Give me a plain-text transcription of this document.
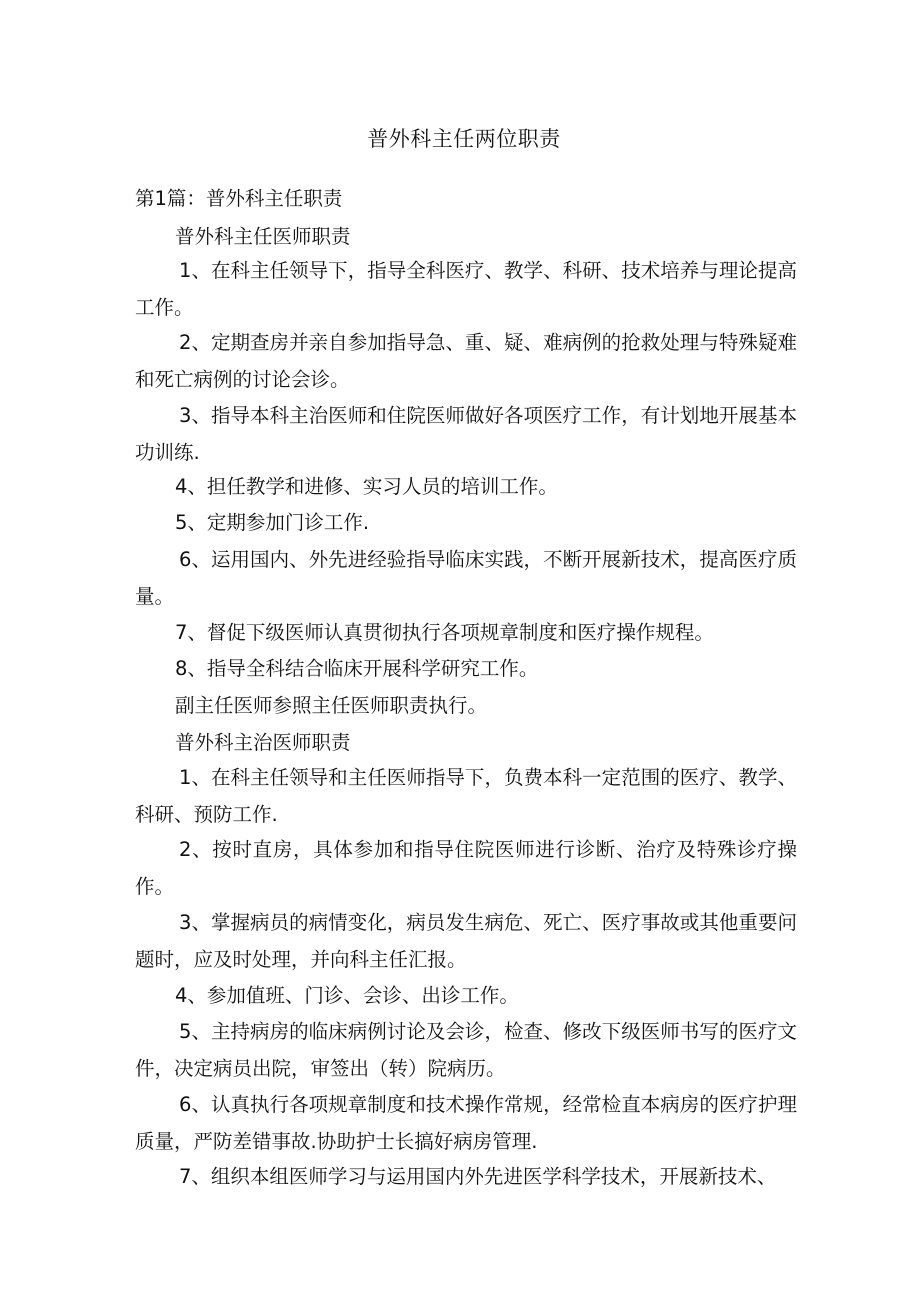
普外科主任两位职责
第1篇：普外科主任职责
普外科主任医师职责
1、在科主任领导下，指导全科医疗、教学、科研、技术培养与理论提高工作。
2、定期查房并亲自参加指导急、重、疑、难病例的抢救处理与特殊疑难和死亡病例的讨论会诊。
3、指导本科主治医师和住院医师做好各项医疗工作，有计划地开展基本功训练.
4、担任教学和进修、实习人员的培训工作。
5、定期参加门诊工作.
6、运用国内、外先进经验指导临床实践，不断开展新技术，提高医疗质量。
7、督促下级医师认真贯彻执行各项规章制度和医疗操作规程。
8、指导全科结合临床开展科学研究工作。
副主任医师参照主任医师职责执行。
普外科主治医师职责
1、在科主任领导和主任医师指导下，负费本科一定范围的医疗、教学、科研、预防工作.
2、按时直房，具体参加和指导住院医师进行诊断、治疗及特殊诊疗操作。
3、掌握病员的病情变化，病员发生病危、死亡、医疗事故或其他重要问题时，应及时处理，并向科主任汇报。
4、参加值班、门诊、会诊、出诊工作。
5、主持病房的临床病例讨论及会诊，检查、修改下级医师书写的医疗文件，决定病员出院，审签出（转）院病历。
6、认真执行各项规章制度和技术操作常规，经常检直本病房的医疗护理质量，严防差错事故.协助护士长搞好病房管理.
7、组织本组医师学习与运用国内外先进医学科学技术，开展新技术、
